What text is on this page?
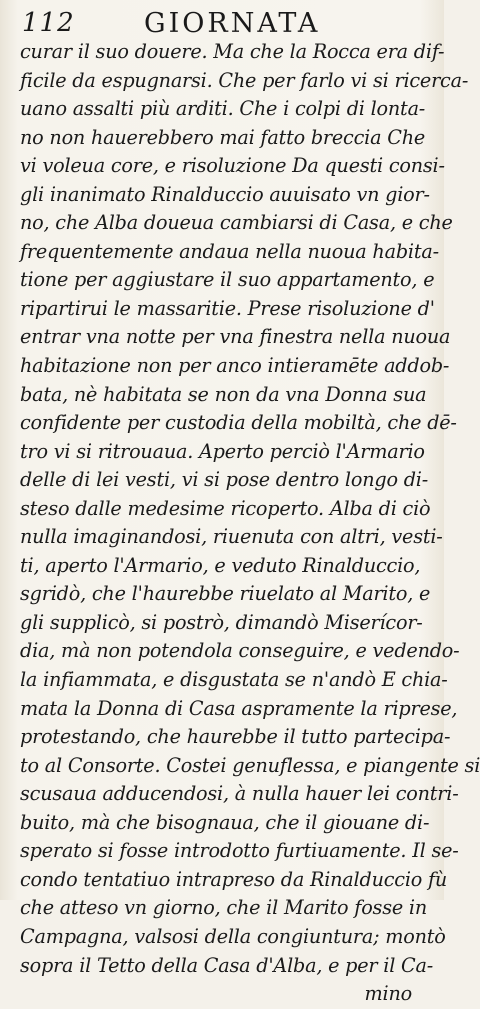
112	GIORNATA
curar il suo douere. Ma che la Rocca era dif-
ficile da espugnarsi. Che per farlo vi si ricerca-
uano assalti più arditi. Che i colpi di lonta-
no non hauerebbero mai fatto breccia Che
vi voleua core, e risoluzione Da questi consi-
gli inanimato Rinalduccio auuisato vn gior-
no, che Alba doueua cambiarsi di Casa, e che
frequentemente andaua nella nuoua habita-
tione per aggiustare il suo appartamento, e
ripartirui le massaritie. Prese risoluzione d'
entrar vna notte per vna finestra nella nuoua
habitazione non per anco intieramēte addob-
bata, nè habitata se non da vna Donna sua
confidente per custodia della mobiltà, che dē-
tro vi si ritrouaua. Aperto perciò l'Armario
delle di lei vesti, vi si pose dentro longo di-
steso dalle medesime ricoperto. Alba di ciò
nulla imaginandosi, riuenuta con altri, vesti-
ti, aperto l'Armario, e veduto Rinalduccio,
sgridò, che l'haurebbe riuelato al Marito, e
gli supplicò, si postrò, dimandò Miserícor-
dia, mà non potendola conseguire, e vedendo-
la infiammata, e disgustata se n'andò E chia-
mata la Donna di Casa aspramente la riprese,
protestando, che haurebbe il tutto partecipa-
to al Consorte. Costei genuflessa, e piangente si
scusaua adducendosi, à nulla hauer lei contri-
buito, mà che bisognaua, che il giouane di-
sperato si fosse introdotto furtiuamente. Il se-
condo tentatiuo intrapreso da Rinalduccio fù
che atteso vn giorno, che il Marito fosse in
Campagna, valsosi della congiuntura; montò
sopra il Tetto della Casa d'Alba, e per il Ca-
mino
